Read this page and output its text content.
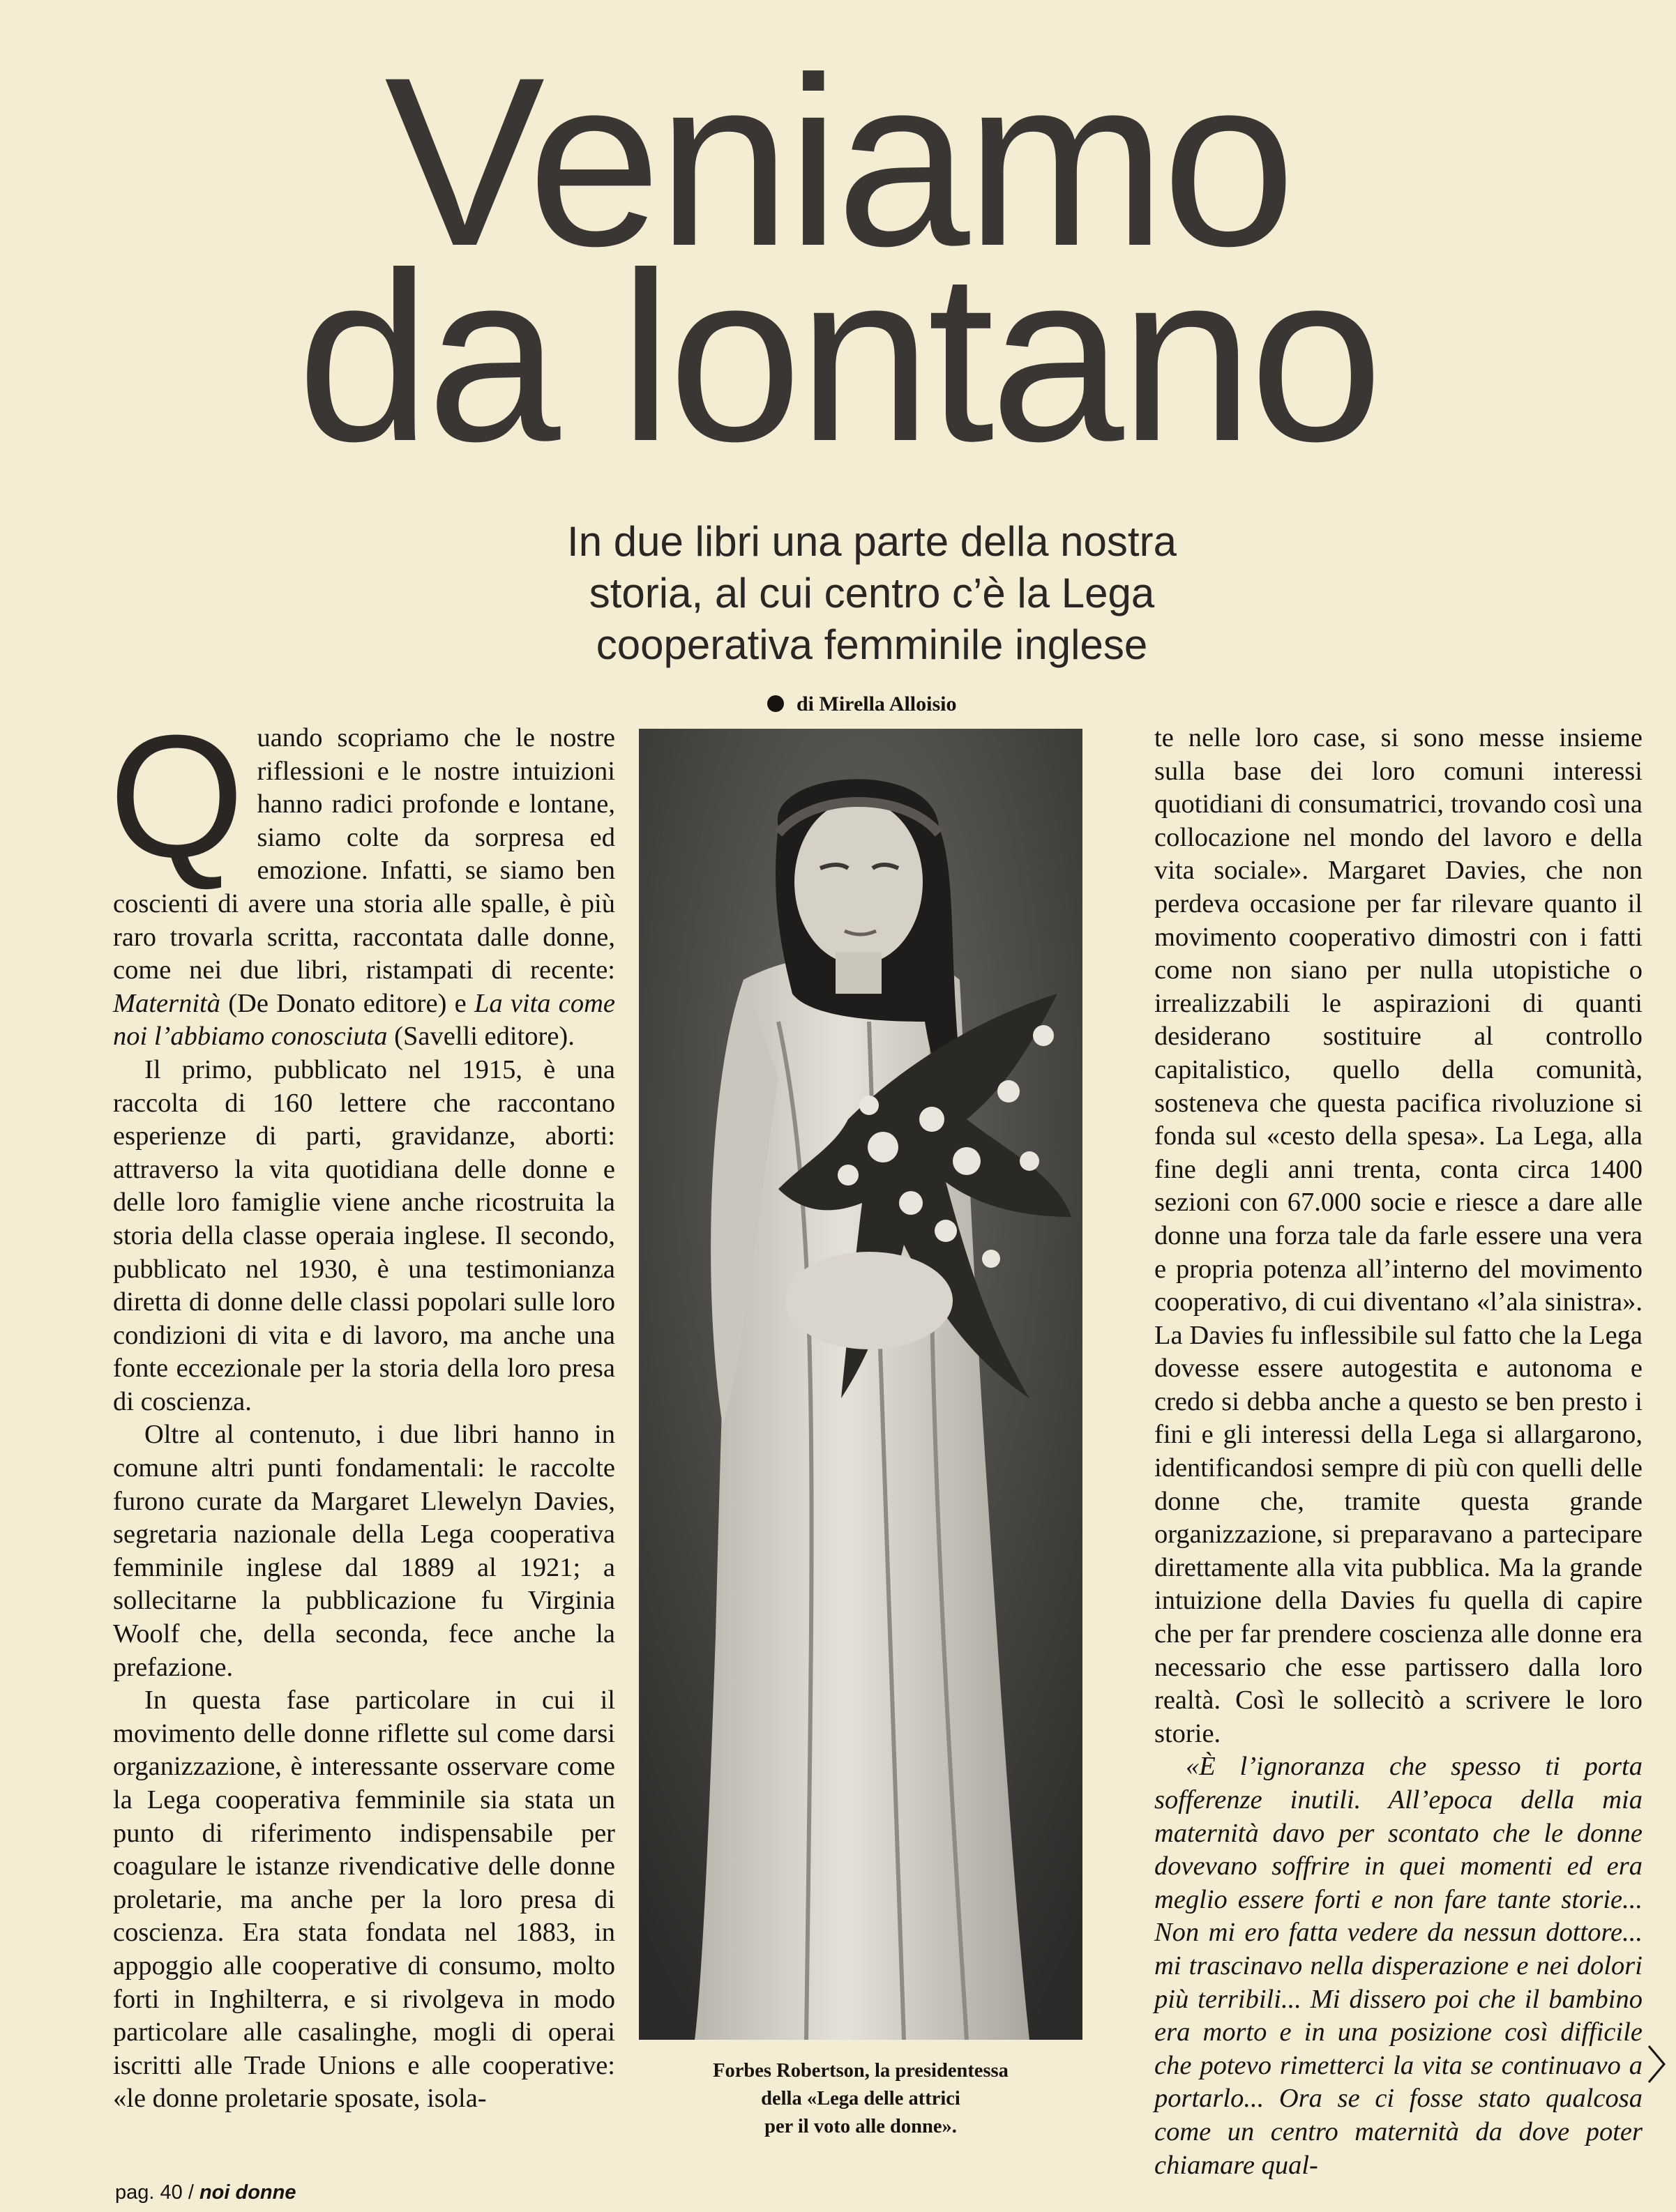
Veniamo
da lontano
In due libri una parte della nostra
storia, al cui centro c’è la Lega
cooperativa femminile inglese
di Mirella Alloisio

Quando scopriamo che le nostre riflessioni e le nostre intuizioni hanno radici profonde e lontane, siamo colte da sorpresa ed emozione. Infatti, se siamo ben coscienti di avere una storia alle spalle, è più raro trovarla scritta, raccontata dalle donne, come nei due libri, ristampati di recente: Maternità (De Donato editore) e La vita come noi l’abbiamo conosciuta (Savelli editore).

Il primo, pubblicato nel 1915, è una raccolta di 160 lettere che raccontano esperienze di parti, gravidanze, aborti: attraverso la vita quotidiana delle donne e delle loro famiglie viene anche ricostruita la storia della classe operaia inglese. Il secondo, pubblicato nel 1930, è una testimonianza diretta di donne delle classi popolari sulle loro condizioni di vita e di lavoro, ma anche una fonte eccezionale per la storia della loro presa di coscienza.

Oltre al contenuto, i due libri hanno in comune altri punti fondamentali: le raccolte furono curate da Margaret Llewelyn Davies, segretaria nazionale della Lega cooperativa femminile inglese dal 1889 al 1921; a sollecitarne la pubblicazione fu Virginia Woolf che, della seconda, fece anche la prefazione.

In questa fase particolare in cui il movimento delle donne riflette sul come darsi organizzazione, è interessante osservare come la Lega cooperativa femminile sia stata un punto di riferimento indispensabile per coagulare le istanze rivendicative delle donne proletarie, ma anche per la loro presa di coscienza. Era stata fondata nel 1883, in appoggio alle cooperative di consumo, molto forti in Inghilterra, e si rivolgeva in modo particolare alle casalinghe, mogli di operai iscritti alle Trade Unions e alle cooperative: «le donne proletarie sposate, isola-

Forbes Robertson, la presidentessa
della «Lega delle attrici
per il voto alle donne».

te nelle loro case, si sono messe insieme sulla base dei loro comuni interessi quotidiani di consumatrici, trovando così una collocazione nel mondo del lavoro e della vita sociale». Margaret Davies, che non perdeva occasione per far rilevare quanto il movimento cooperativo dimostri con i fatti come non siano per nulla utopistiche o irrealizzabili le aspirazioni di quanti desiderano sostituire al controllo capitalistico, quello della comunità, sosteneva che questa pacifica rivoluzione si fonda sul «cesto della spesa». La Lega, alla fine degli anni trenta, conta circa 1400 sezioni con 67.000 socie e riesce a dare alle donne una forza tale da farle essere una vera e propria potenza all’interno del movimento cooperativo, di cui diventano «l’ala sinistra». La Davies fu inflessibile sul fatto che la Lega dovesse essere autogestita e autonoma e credo si debba anche a questo se ben presto i fini e gli interessi della Lega si allargarono, identificandosi sempre di più con quelli delle donne che, tramite questa grande organizzazione, si preparavano a partecipare direttamente alla vita pubblica. Ma la grande intuizione della Davies fu quella di capire che per far prendere coscienza alle donne era necessario che esse partissero dalla loro realtà. Così le sollecitò a scrivere le loro storie.

«È l’ignoranza che spesso ti porta sofferenze inutili. All’epoca della mia maternità davo per scontato che le donne dovevano soffrire in quei momenti ed era meglio essere forti e non fare tante storie... Non mi ero fatta vedere da nessun dottore... mi trascinavo nella disperazione e nei dolori più terribili... Mi dissero poi che il bambino era morto e in una posizione così difficile che potevo rimetterci la vita se continuavo a portarlo... Ora se ci fosse stato qualcosa come un centro maternità da dove poter chiamare qual-

pag. 40 / noi donne
